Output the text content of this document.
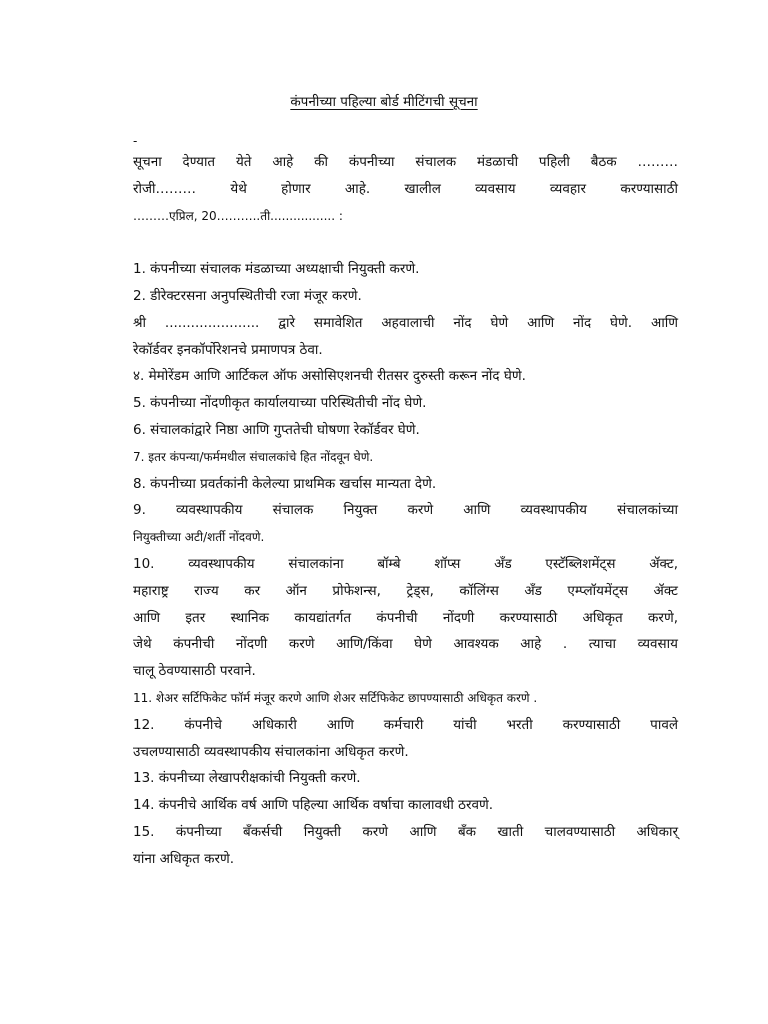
कंपनीच्या पहिल्या बोर्ड मीटिंगची सूचना
-
सूचना देण्यात येते आहे की कंपनीच्या संचालक मंडळाची पहिली बैठक ………
रोजी……… येथे होणार आहे. खालील व्यवसाय व्यवहार करण्यासाठी
………एप्रिल, 20………..ती................. :
1. कंपनीच्या संचालक मंडळाच्या अध्यक्षाची नियुक्ती करणे.
2. डीरेक्टरसना अनुपस्थितीची रजा मंजूर करणे.
श्री ...................... द्वारे समावेशित अहवालाची नोंद घेणे आणि नोंद घेणे. आणि
रेकॉर्डवर इनकॉर्पोरेशनचे प्रमाणपत्र ठेवा.
४. मेमोरेंडम आणि आर्टिकल ऑफ असोसिएशनची रीतसर दुरुस्ती करून नोंद घेणे.
5. कंपनीच्या नोंदणीकृत कार्यालयाच्या परिस्थितीची नोंद घेणे.
6. संचालकांद्वारे निष्ठा आणि गुप्ततेची घोषणा रेकॉर्डवर घेणे.
7. इतर कंपन्या/फर्ममधील संचालकांचे हित नोंदवून घेणे.
8. कंपनीच्या प्रवर्तकांनी केलेल्या प्राथमिक खर्चास मान्यता देणे.
9. व्यवस्थापकीय संचालक नियुक्त करणे आणि व्यवस्थापकीय संचालकांच्या
नियुक्तीच्या अटी/शर्ती नोंदवणे.
10. व्यवस्थापकीय संचालकांना बॉम्बे शॉप्स अँड एस्टॅब्लिशमेंट्स ॲक्ट,
महाराष्ट्र राज्य कर ऑन प्रोफेशन्स, ट्रेड्स, कॉलिंग्स अँड एम्प्लॉयमेंट्स ॲक्ट
आणि इतर स्थानिक कायद्यांतर्गत कंपनीची नोंदणी करण्यासाठी अधिकृत करणे,
जेथे कंपनीची नोंदणी करणे आणि/किंवा घेणे आवश्यक आहे . त्याचा व्यवसाय
चालू ठेवण्यासाठी परवाने.
11. शेअर सर्टिफिकेट फॉर्म मंजूर करणे आणि शेअर सर्टिफिकेट छापण्यासाठी अधिकृत करणे .
12. कंपनीचे अधिकारी आणि कर्मचारी यांची भरती करण्यासाठी पावले
उचलण्यासाठी व्यवस्थापकीय संचालकांना अधिकृत करणे.
13. कंपनीच्या लेखापरीक्षकांची नियुक्ती करणे.
14. कंपनीचे आर्थिक वर्ष आणि पहिल्या आर्थिक वर्षाचा कालावधी ठरवणे.
15. कंपनीच्या बँकर्सची नियुक्ती करणे आणि बँक खाती चालवण्यासाठी अधिकार्
यांना अधिकृत करणे.
